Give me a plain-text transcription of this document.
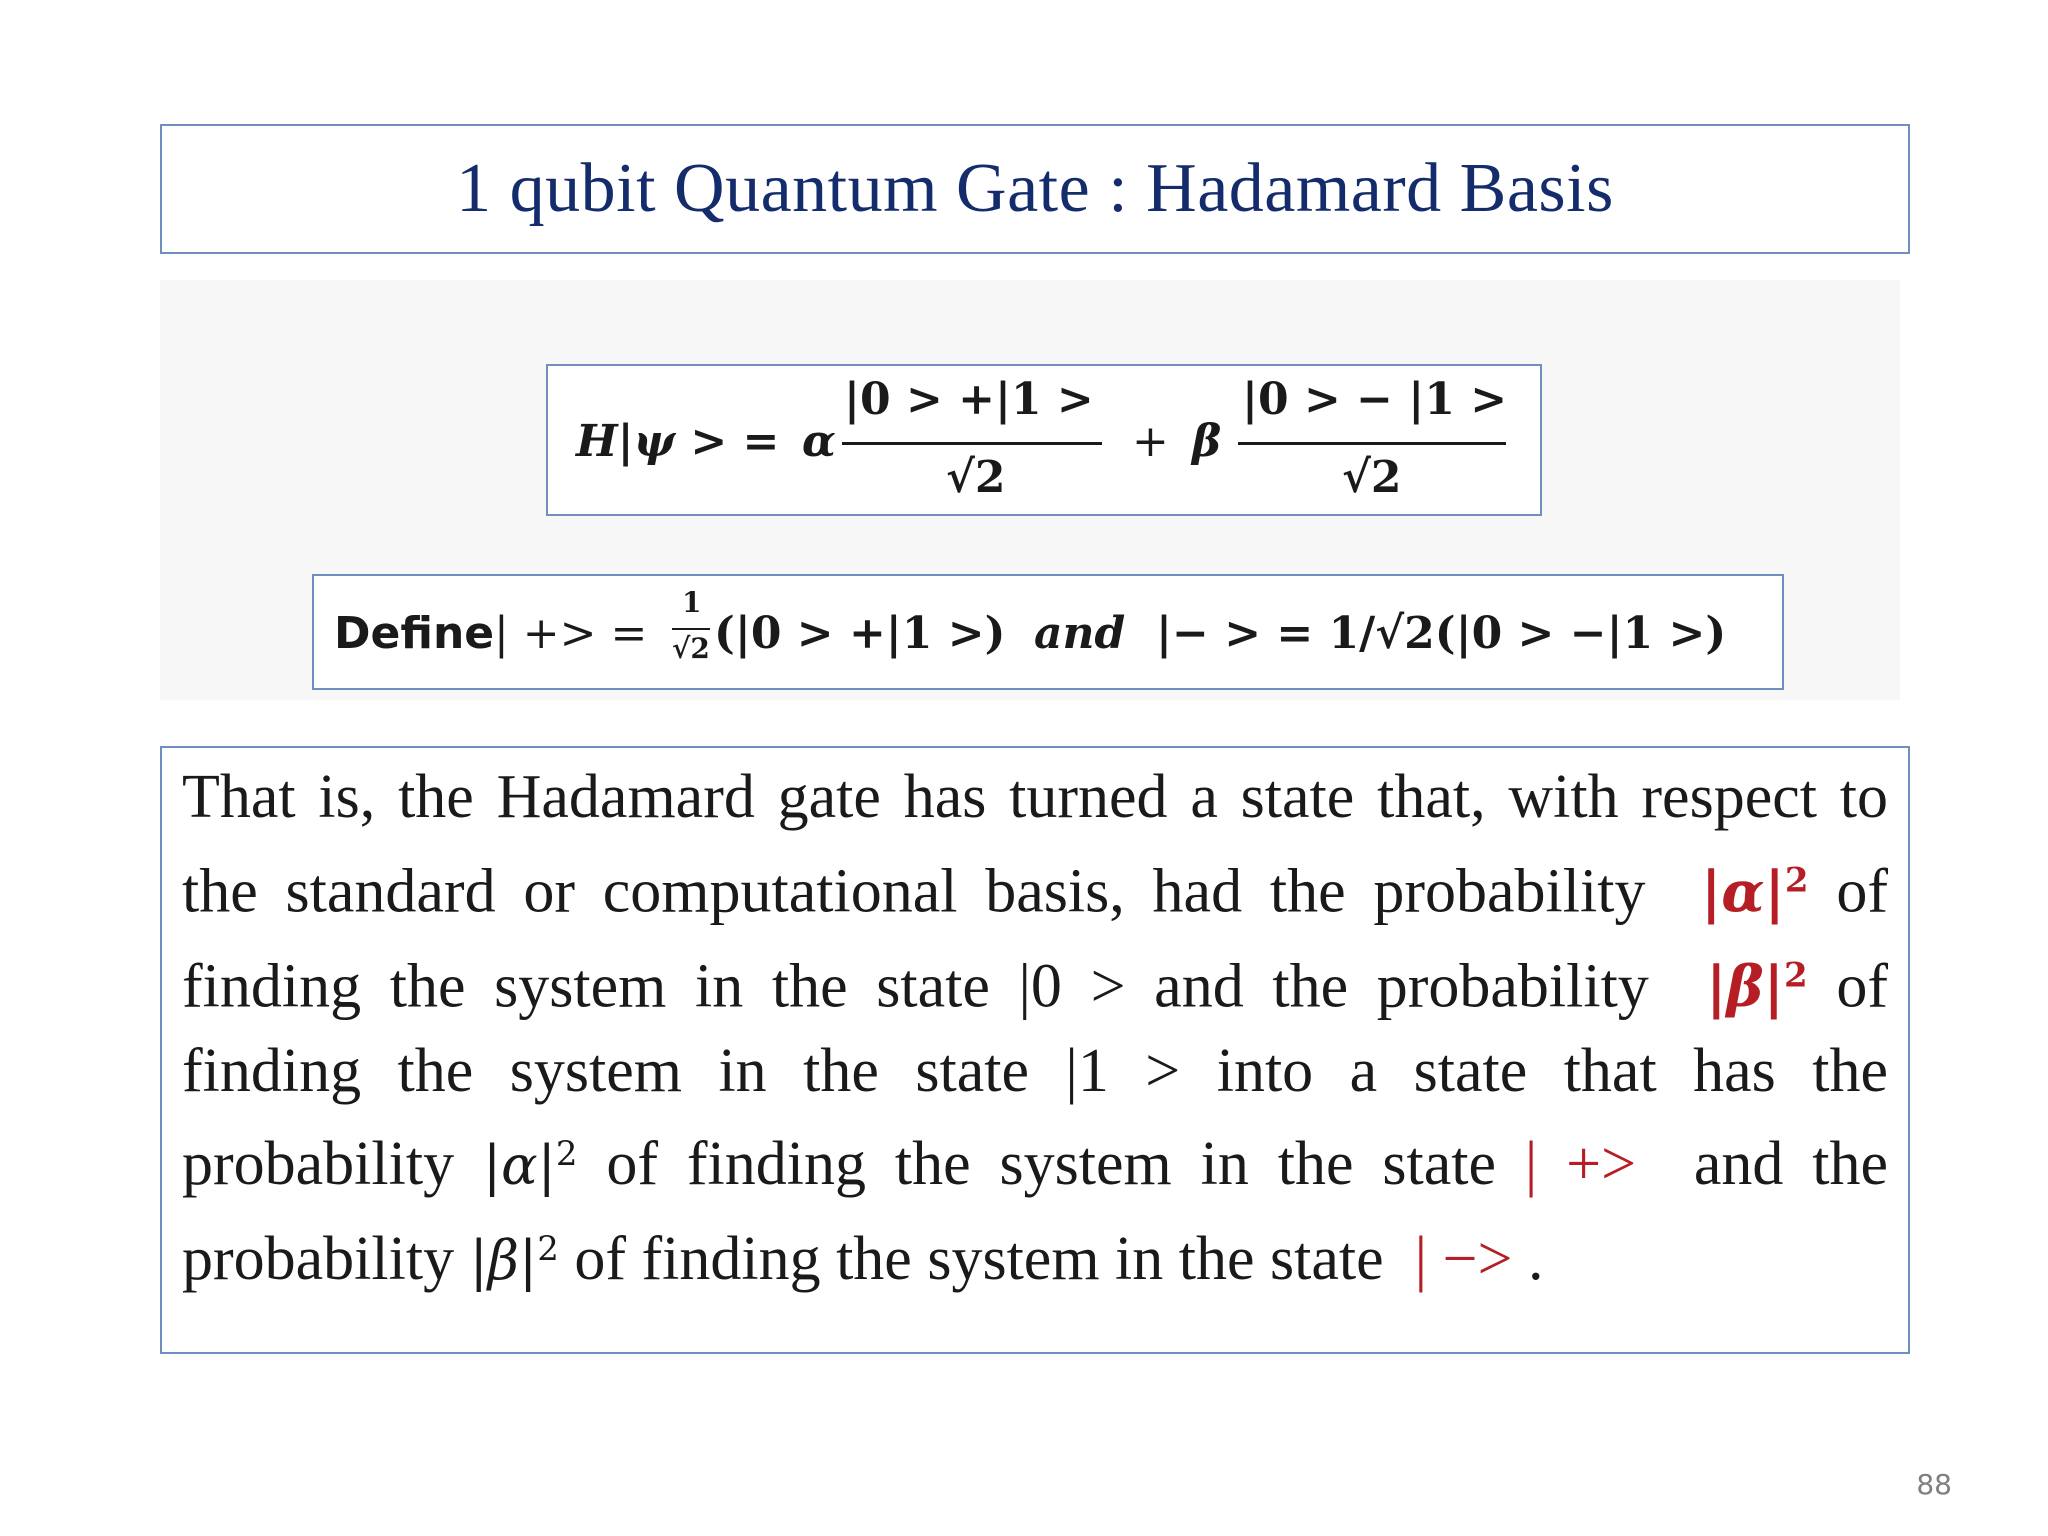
1 qubit Quantum Gate : Hadamard Basis
H|ψ > = α
|0 > +|1 >
√2
+ β
|0 > − |1 >
√2
Define | +> =
1
√2 (|0 > +|1 >) and |− > = 1/√2(|0 > −|1 >)

That is, the Hadamard gate has turned a state that, with respect to the standard or computational basis, had the probability $|\alpha|^2$ of finding the system in the state |0 > and the probability $|\beta|^2$ of finding the system in the state |1 > into a state that has the probability $|\alpha|^2$ of finding the system in the state | +> and the probability $|\beta|^2$ of finding the system in the state | −> .

88
